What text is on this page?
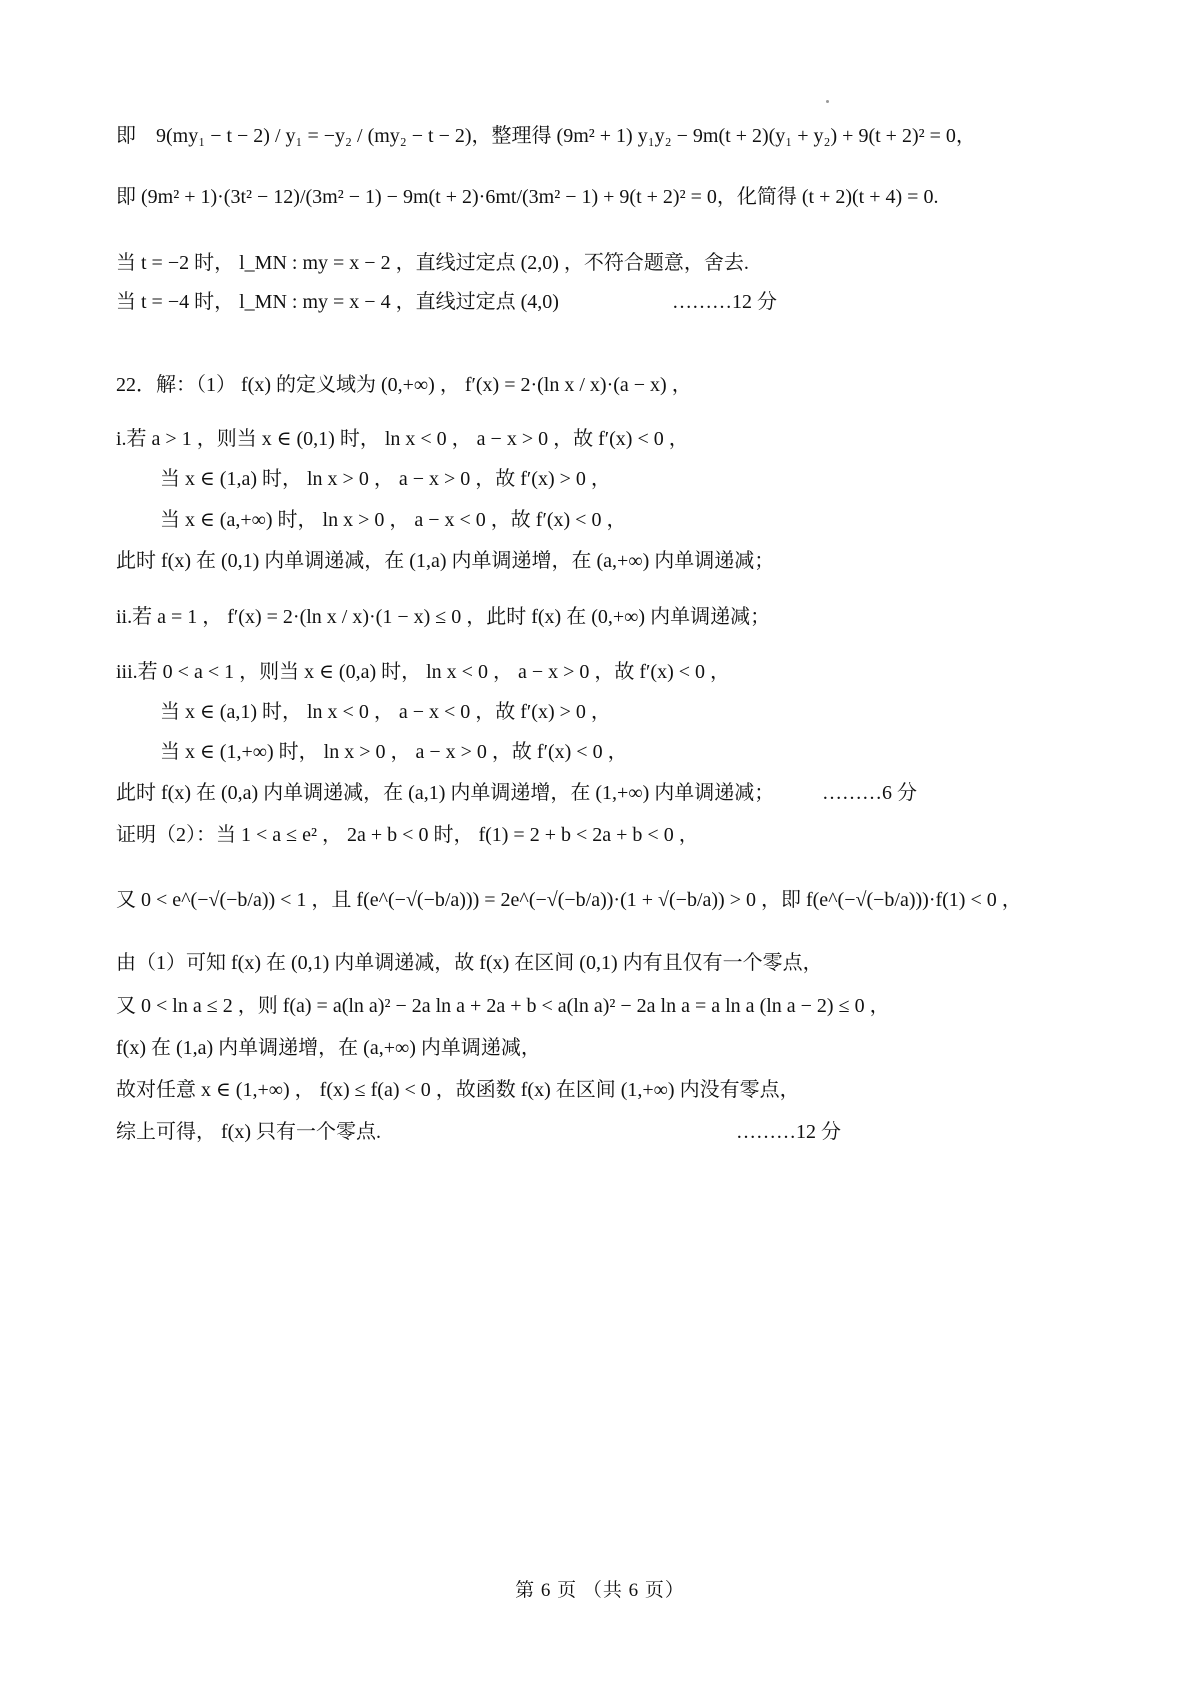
即　9(my₁ − t − 2) / y₁ = −y₂ / (my₂ − t − 2)，整理得 (9m² + 1) y₁y₂ − 9m(t + 2)(y₁ + y₂) + 9(t + 2)² = 0，
即 (9m² + 1)·(3t² − 12)/(3m² − 1) − 9m(t + 2)·6mt/(3m² − 1) + 9(t + 2)² = 0，化简得 (t + 2)(t + 4) = 0.
当 t = −2 时， l_MN : my = x − 2 ，直线过定点 (2,0) ，不符合题意，舍去.
当 t = −4 时， l_MN : my = x − 4 ，直线过定点 (4,0)	………12 分
22．解：（1） f(x) 的定义域为 (0,+∞) ， f′(x) = 2·(ln x / x)·(a − x) ，
i.若 a > 1 ，则当 x ∈ (0,1) 时， ln x < 0 ， a − x > 0 ，故 f′(x) < 0 ，
当 x ∈ (1,a) 时， ln x > 0 ， a − x > 0 ，故 f′(x) > 0 ，
当 x ∈ (a,+∞) 时， ln x > 0 ， a − x < 0 ，故 f′(x) < 0 ，
此时 f(x) 在 (0,1) 内单调递减，在 (1,a) 内单调递增，在 (a,+∞) 内单调递减；
ii.若 a = 1 ， f′(x) = 2·(ln x / x)·(1 − x) ≤ 0 ，此时 f(x) 在 (0,+∞) 内单调递减；
iii.若 0 < a < 1 ，则当 x ∈ (0,a) 时， ln x < 0 ， a − x > 0 ，故 f′(x) < 0 ，
当 x ∈ (a,1) 时， ln x < 0 ， a − x < 0 ，故 f′(x) > 0 ，
当 x ∈ (1,+∞) 时， ln x > 0 ， a − x > 0 ，故 f′(x) < 0 ，
此时 f(x) 在 (0,a) 内单调递减，在 (a,1) 内单调递增，在 (1,+∞) 内单调递减； ………6 分
证明（2）：当 1 < a ≤ e² ， 2a + b < 0 时， f(1) = 2 + b < 2a + b < 0 ，
又 0 < e^(−√(−b/a)) < 1 ，且 f(e^(−√(−b/a))) = 2e^(−√(−b/a))·(1 + √(−b/a)) > 0 ，即 f(e^(−√(−b/a)))·f(1) < 0 ，
由（1）可知 f(x) 在 (0,1) 内单调递减，故 f(x) 在区间 (0,1) 内有且仅有一个零点，
又 0 < ln a ≤ 2 ，则 f(a) = a(ln a)² − 2a ln a + 2a + b < a(ln a)² − 2a ln a = a ln a (ln a − 2) ≤ 0 ，
f(x) 在 (1,a) 内单调递增，在 (a,+∞) 内单调递减，
故对任意 x ∈ (1,+∞) ， f(x) ≤ f(a) < 0 ，故函数 f(x) 在区间 (1,+∞) 内没有零点，
综上可得， f(x) 只有一个零点.	………12 分
第 6 页 （共 6 页）
